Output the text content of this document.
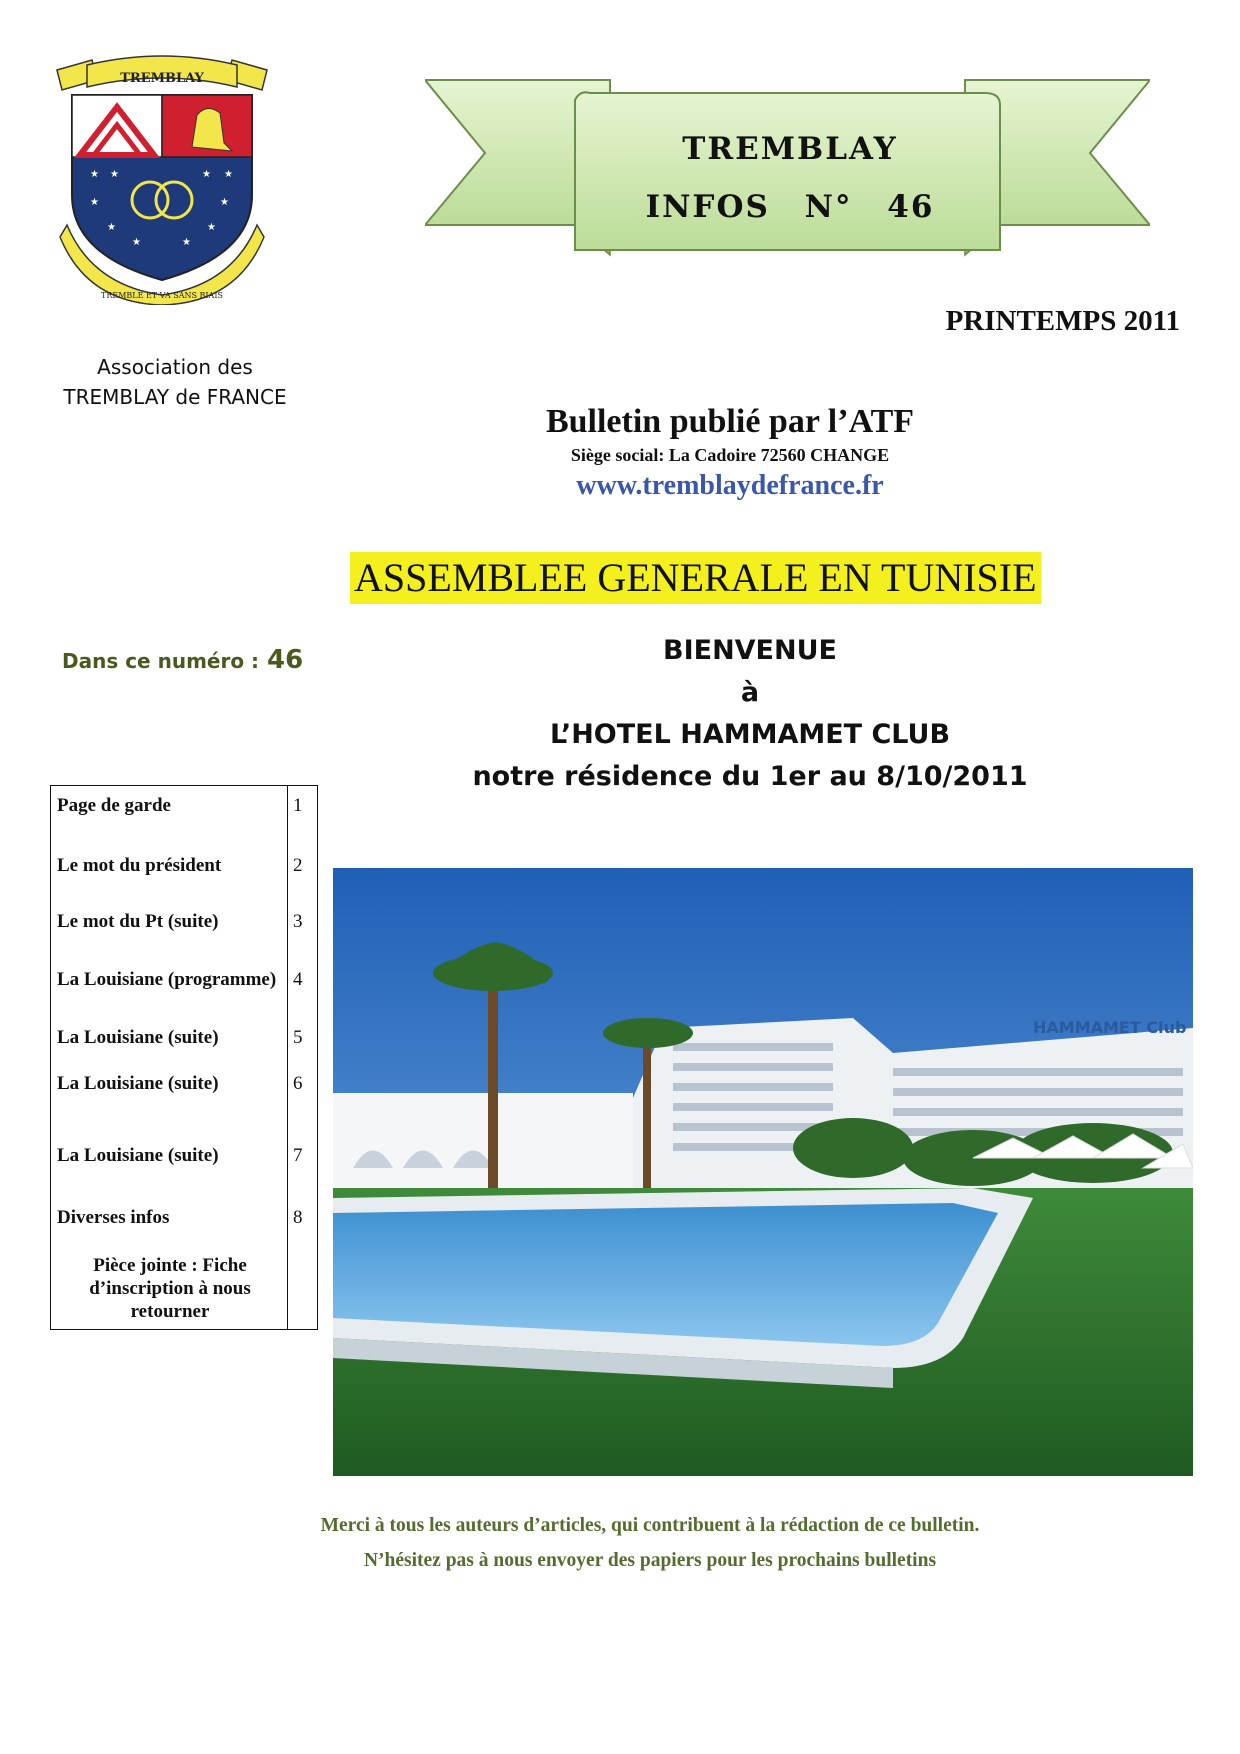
TREMBLAY
★ ★	★ ★
★	★
★
★	★
★
TREMBLE ET VA SANS BIAIS
Association des
TREMBLAY de FRANCE
TREMBLAY
INFOS N° 46
PRINTEMPS 2011
Bulletin publié par l’ATF
Siège social: La Cadoire 72560 CHANGE
www.tremblaydefrance.fr
ASSEMBLEE GENERALE EN TUNISIE
Dans ce numéro : 46	BIENVENUE
à
L’HOTEL HAMMAMET CLUB
notre résidence du 1er au 8/10/2011
Page de garde	1
Le mot du président	2
Le mot du Pt (suite)	3
La Louisiane (programme)	4
La Louisiane (suite)	5
La Louisiane (suite)	6
La Louisiane (suite)	7
Diverses infos	8
Pièce jointe : Fiche d’inscription à nous retourner	
HAMMAMET Club
Merci à tous les auteurs d’articles, qui contribuent à la rédaction de ce bulletin.
N’hésitez pas à nous envoyer des papiers pour les prochains bulletins
